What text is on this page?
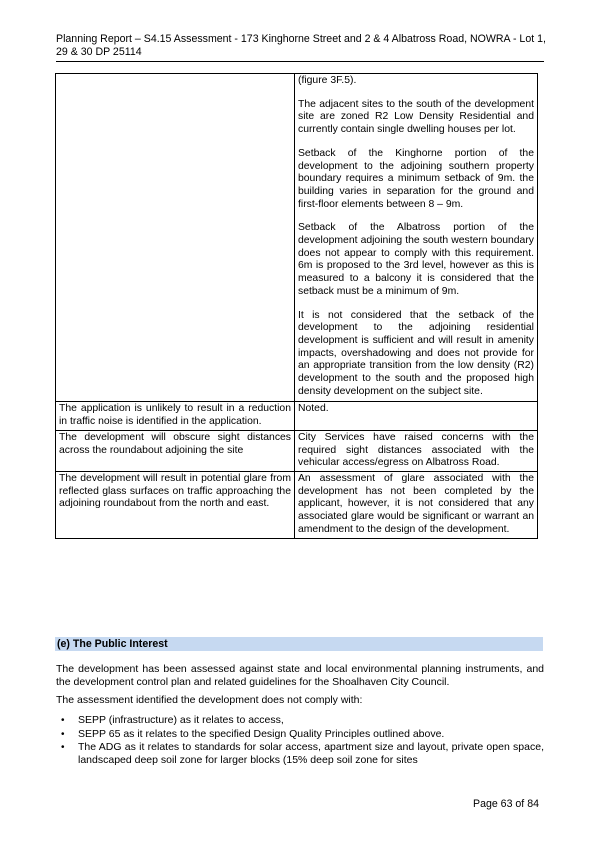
Planning Report – S4.15 Assessment - 173 Kinghorne Street and 2 & 4 Albatross Road, NOWRA - Lot 1, 29 & 30 DP 25114

	(figure 3F.5).

The adjacent sites to the south of the development site are zoned R2 Low Density Residential and currently contain single dwelling houses per lot.

Setback of the Kinghorne portion of the development to the adjoining southern property boundary requires a minimum setback of 9m. the building varies in separation for the ground and first-floor elements between 8 – 9m.

Setback of the Albatross portion of the development adjoining the south western boundary does not appear to comply with this requirement. 6m is proposed to the 3rd level, however as this is measured to a balcony it is considered that the setback must be a minimum of 9m.

It is not considered that the setback of the development to the adjoining residential development is sufficient and will result in amenity impacts, overshadowing and does not provide for an appropriate transition from the low density (R2) development to the south and the proposed high density development on the subject site.

The application is unlikely to result in a reduction in traffic noise is identified in the application.	Noted.
The development will obscure sight distances across the roundabout adjoining the site	City Services have raised concerns with the required sight distances associated with the vehicular access/egress on Albatross Road.
The development will result in potential glare from reflected glass surfaces on traffic approaching the adjoining roundabout from the north and east.	An assessment of glare associated with the development has not been completed by the applicant, however, it is not considered that any associated glare would be significant or warrant an amendment to the design of the development.
(e) The Public Interest
The development has been assessed against state and local environmental planning instruments, and the development control plan and related guidelines for the Shoalhaven City Council.
The assessment identified the development does not comply with:
• SEPP (infrastructure) as it relates to access,
• SEPP 65 as it relates to the specified Design Quality Principles outlined above.
• The ADG as it relates to standards for solar access, apartment size and layout, private open space, landscaped deep soil zone for larger blocks (15% deep soil zone for sites
Page 63 of 84
